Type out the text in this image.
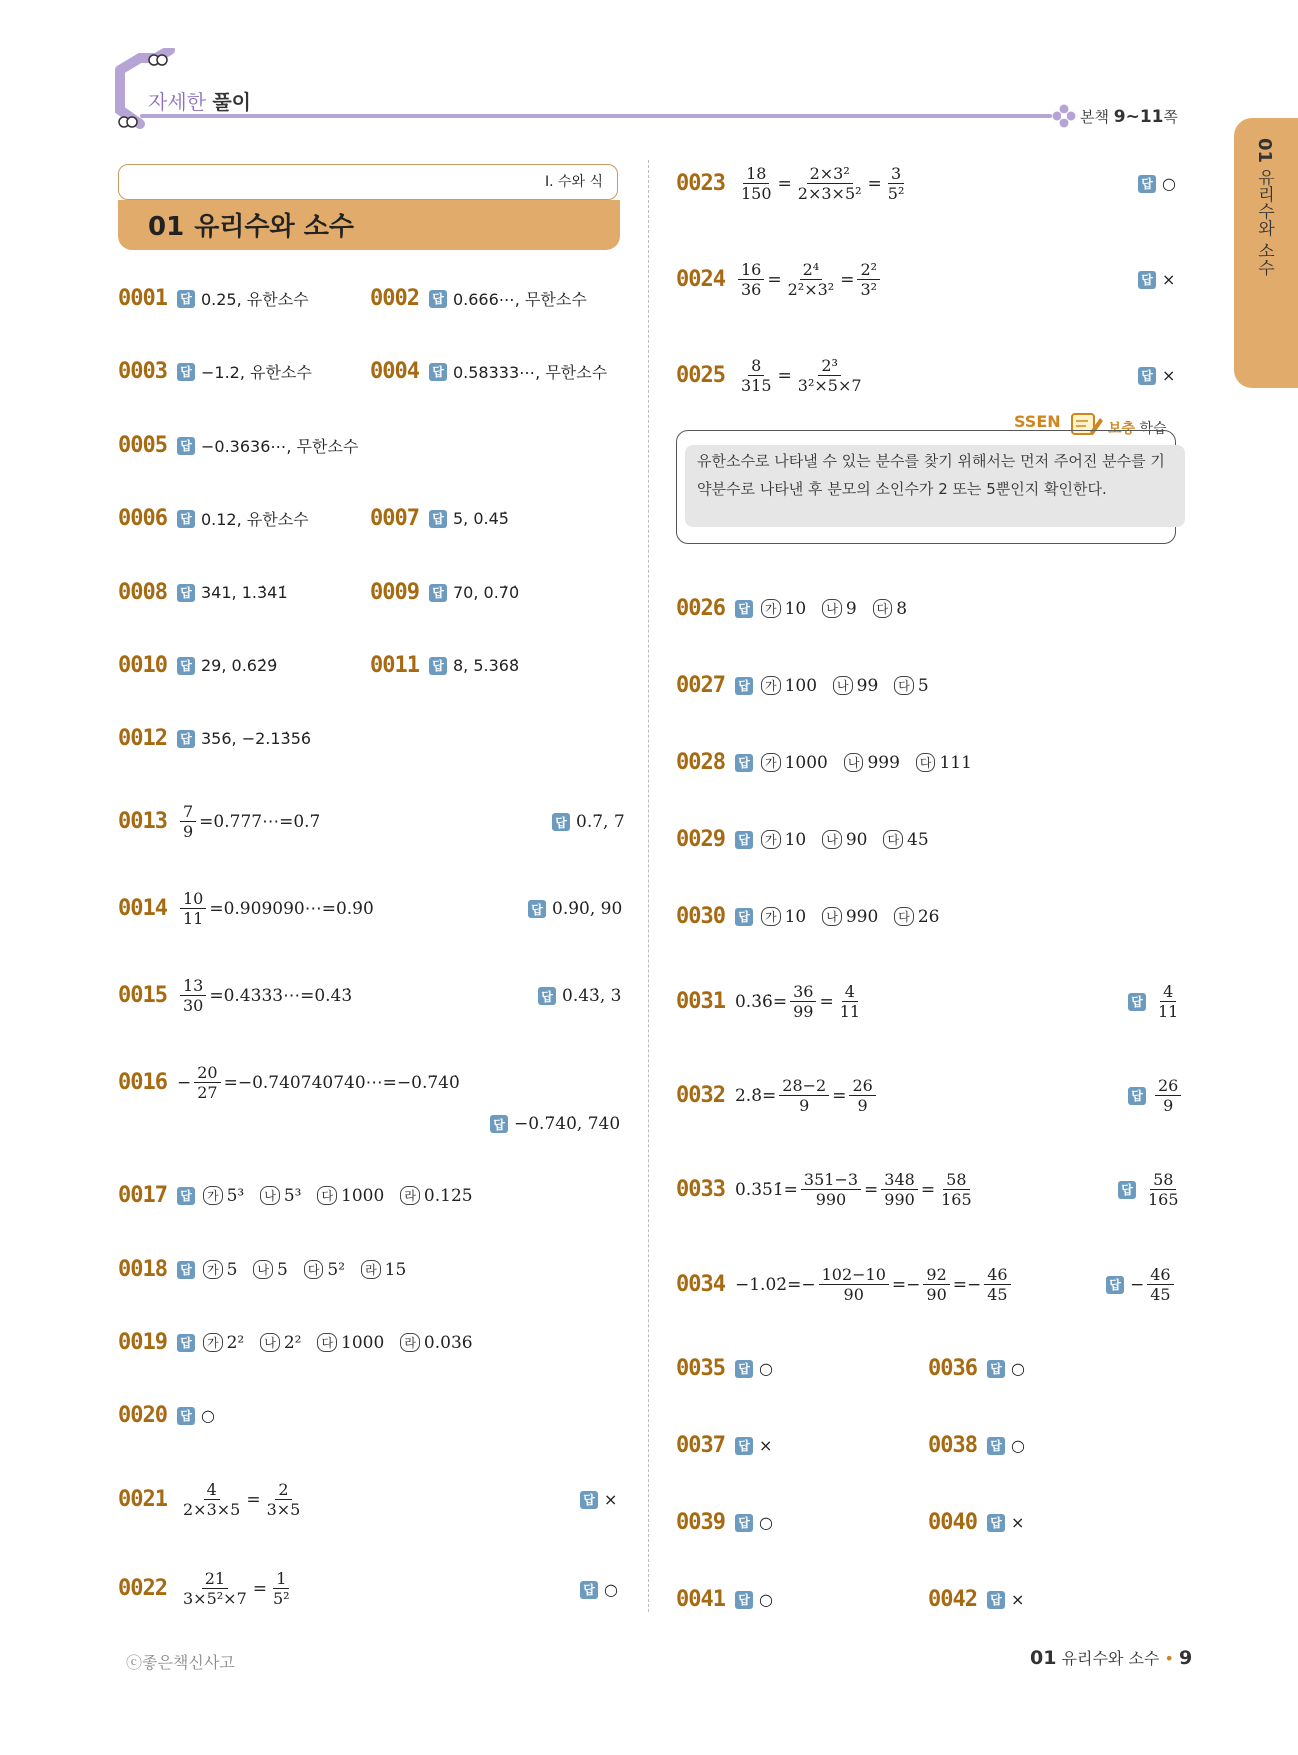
자세한 풀이
본책 9~11쪽
01 유리수와 소수
Ⅰ. 수와 식
01 유리수와 소수
0001 답 0.25, 유한소수	0002 답 0.666⋯, 무한소수
0003 답 −1.2, 유한소수	0004 답 0.58333⋯, 무한소수
0005 답 −0.3636⋯, 무한소수
0006 답 0.12, 유한소수	0007 답 5, 0.45̇
0008 답 341, 1.3̇41̇	0009 답 70, 0.7̇0̇
0010 답 29, 0.62̇9̇	0011 답 8, 5.368̇
0012 답 356, −2.13̇56̇
$0013 \frac{7}{9}$ =0.777⋯=0.7̇	답 0.7̇, 7
$0014 \frac{10}{11}$ =0.909090⋯=0.9̇0̇	답 0.9̇0̇, 90
$0015 \frac{13}{30}$ =0.4333⋯=0.43̇	답 0.43̇, 3
$0016 - \frac{20}{27}$ =−0.740740740⋯=−0.7̇40̇
답 −0.7̇40̇, 740
0017 답	가 5³	나 5³	다 1000	라 0.125
0018 답	가 5	나 5	다 5²	라 15
0019 답	가 2²	나 2²	다 1000	라 0.036
0020 답 ○
$0021 \frac{4}{2\times 3\times 5} = \frac{2}{3\times 5}$	답 ×
$0022 \frac{21}{\text{3×5²×7}} = \frac{1}{\text{5²}}$	답 ○
$0023 \frac{18}{150} = \frac{\text{2×3²}}{\text{2×3×5²}} = \frac{3}{\text{5²}}$	답 ○
$0024 \frac{16}{36} = \frac{\text{2⁴}}{\text{2²×3²}} = \frac{\text{2²}}{\text{3²}}$	답 ×
$0025 \frac{8}{315} = \frac{\text{2³}}{\text{3²×5×7}}$	답 ×
SSEN	보충 학습
유한소수로 나타낼 수 있는 분수를 찾기 위해서는 먼저 주어진 분수를 기약분수로 나타낸 후 분모의 소인수가 2 또는 5뿐인지 확인한다.
0026 답	가 10	나 9	다 8
0027 답	가 100	나 99	다 5
0028 답	가 1000	나 999	다 111
0029 답	가 10	나 90	다 45
0030 답	가 10	나 990	다 26
0031 0.3̇6̇= $\frac{36}{99} = \frac{4}{11}$	답 $\frac{4}{11}$
0032 2.8̇= $\frac{28-2}{9} = \frac{26}{9}$	답 $\frac{26}{9}$
0033 0.35̇1̇= $\frac{351-3}{990} = \frac{348}{990} = \frac{58}{165}$	답 $\frac{58}{165}$
0034 −1.02̇=− $\frac{102-10}{90} =- \frac{92}{90} =- \frac{46}{45}$	답 − $\frac{46}{45}$
0035 답 ○	0036 답 ○
0037 답 ×	0038 답 ○
0039 답 ○	0040 답 ×
0041 답 ○	0042 답 ×
ⓒ좋은책신사고	01 유리수와 소수 • 9
